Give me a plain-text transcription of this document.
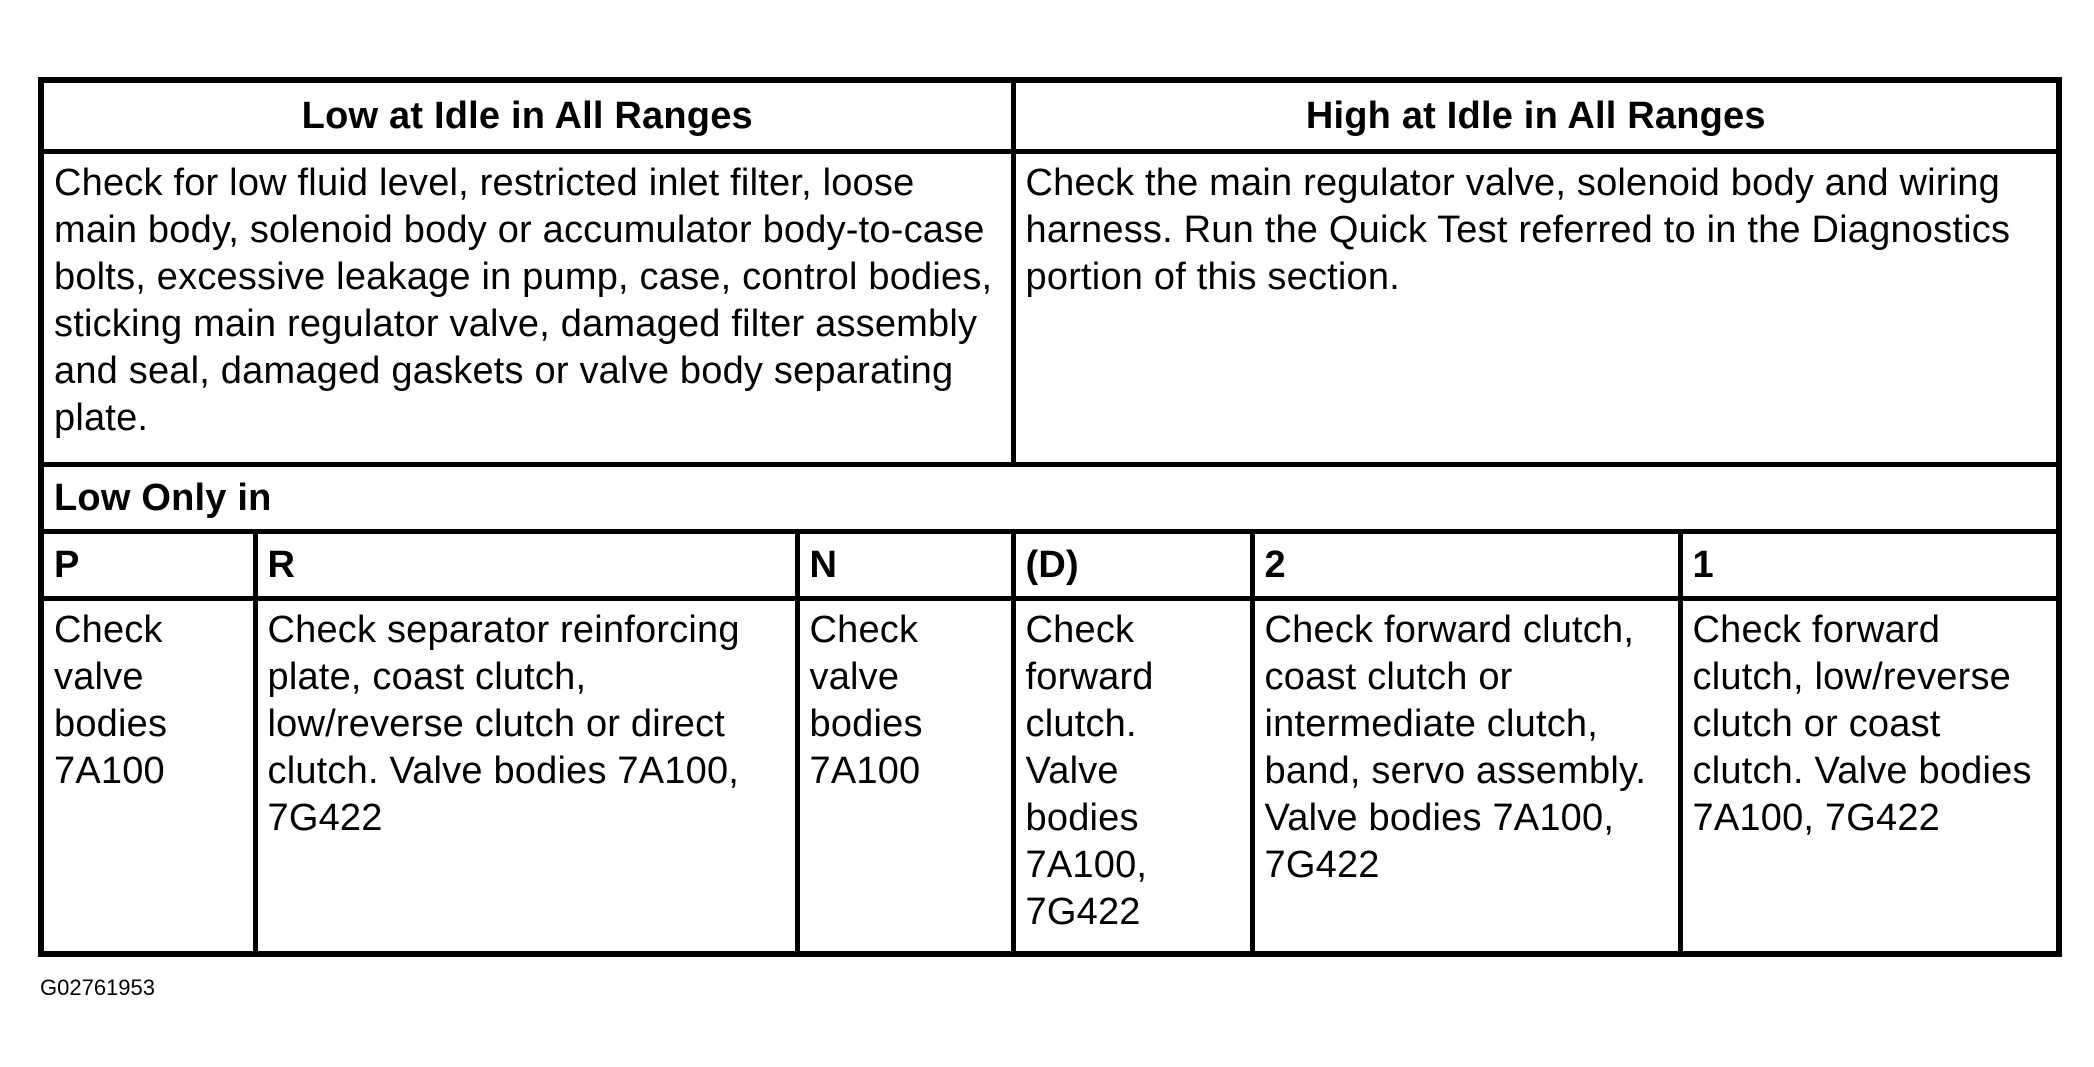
Low at Idle in All Ranges			High at Idle in All Ranges		
Check for low fluid level, restricted inlet filter, loose main body, solenoid body or accumulator body-to-case bolts, excessive leakage in pump, case, control bodies, sticking main regulator valve, damaged filter assembly and seal, damaged gaskets or valve body separating plate.			Check the main regulator valve, solenoid body and wiring harness. Run the Quick Test referred to in the Diagnostics portion of this section.		
Low Only in					
P	R	N	(D)	2	1
Check valve bodies 7A100	Check separator reinforcing plate, coast clutch, low/reverse clutch or direct clutch. Valve bodies 7A100, 7G422	Check valve bodies 7A100	Check forward clutch. Valve bodies 7A100, 7G422	Check forward clutch, coast clutch or intermediate clutch, band, servo assembly. Valve bodies 7A100, 7G422	Check forward clutch, low/reverse clutch or coast clutch. Valve bodies 7A100, 7G422
G02761953
